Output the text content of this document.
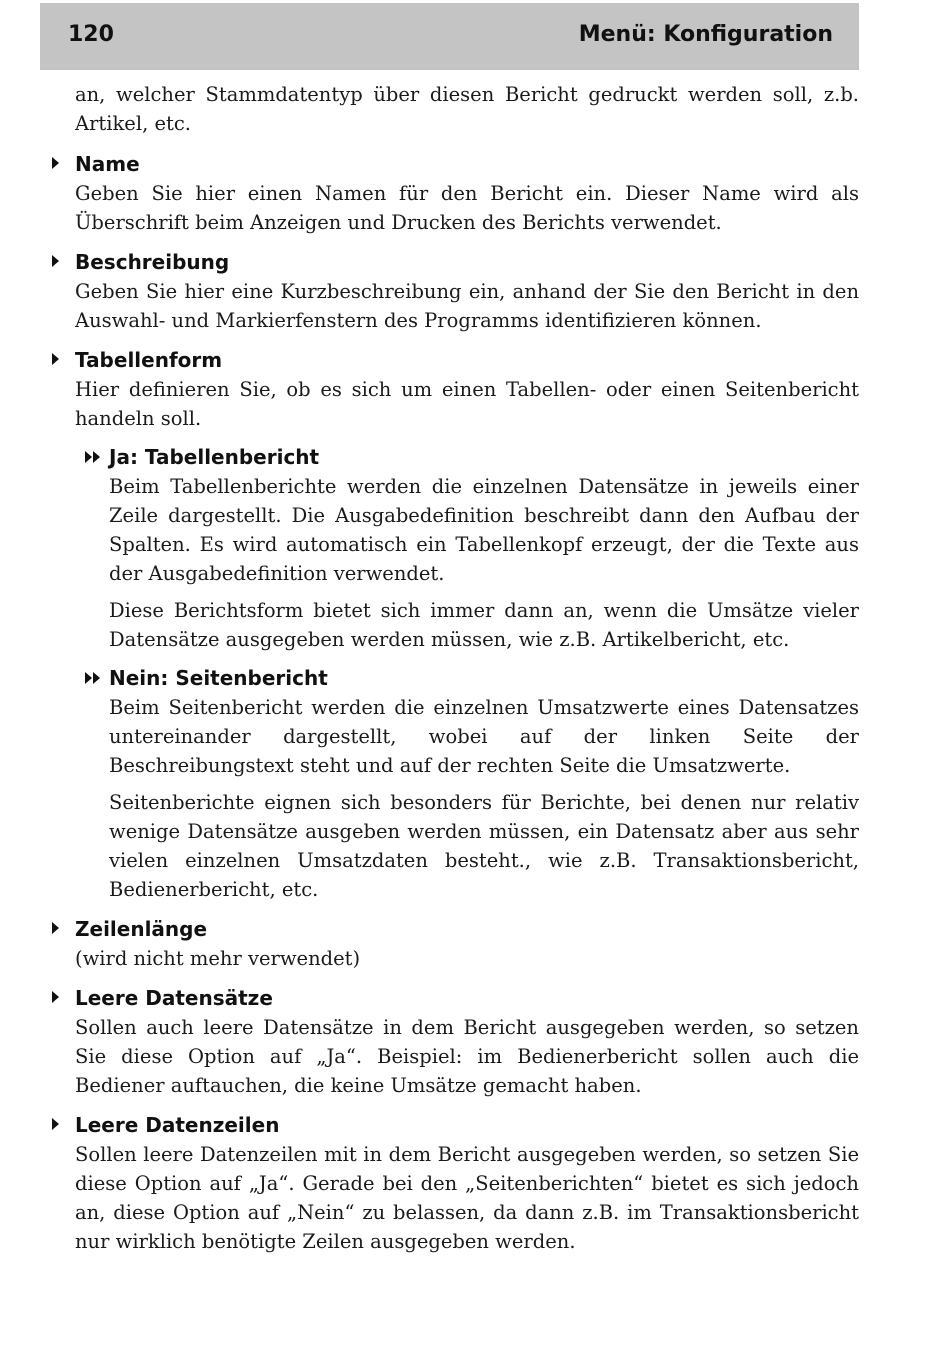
120	Menü: Konfiguration

an, welcher Stammdatentyp über diesen Bericht gedruckt werden soll, z.b. Artikel, etc.

Name

Geben Sie hier einen Namen für den Bericht ein. Dieser Name wird als Überschrift beim Anzeigen und Drucken des Berichts verwendet.

Beschreibung

Geben Sie hier eine Kurzbeschreibung ein, anhand der Sie den Bericht in den Auswahl- und Markierfenstern des Programms identifizieren können.

Tabellenform

Hier definieren Sie, ob es sich um einen Tabellen- oder einen Seitenbericht handeln soll.

Ja: Tabellenbericht

Beim Tabellenberichte werden die einzelnen Datensätze in jeweils einer Zeile dargestellt. Die Ausgabedefinition beschreibt dann den Aufbau der Spalten. Es wird automatisch ein Tabellenkopf erzeugt, der die Texte aus der Ausgabedefinition verwendet.

Diese Berichtsform bietet sich immer dann an, wenn die Umsätze vieler Datensätze ausgegeben werden müssen, wie z.B. Artikelbericht, etc.

Nein: Seitenbericht

Beim Seitenbericht werden die einzelnen Umsatzwerte eines Datensatzes untereinander dargestellt, wobei auf der linken Seite der Beschreibungstext steht und auf der rechten Seite die Umsatzwerte.

Seitenberichte eignen sich besonders für Berichte, bei denen nur relativ wenige Datensätze ausgeben werden müssen, ein Datensatz aber aus sehr vielen einzelnen Umsatzdaten besteht., wie z.B. Transaktionsbericht, Bedienerbericht, etc.

Zeilenlänge

(wird nicht mehr verwendet)

Leere Datensätze

Sollen auch leere Datensätze in dem Bericht ausgegeben werden, so setzen Sie diese Option auf „Ja“. Beispiel: im Bedienerbericht sollen auch die Bediener auftauchen, die keine Umsätze gemacht haben.

Leere Datenzeilen

Sollen leere Datenzeilen mit in dem Bericht ausgegeben werden, so setzen Sie diese Option auf „Ja“. Gerade bei den „Seitenberichten“ bietet es sich jedoch an, diese Option auf „Nein“ zu belassen, da dann z.B. im Transaktionsbericht nur wirklich benötigte Zeilen ausgegeben werden.
